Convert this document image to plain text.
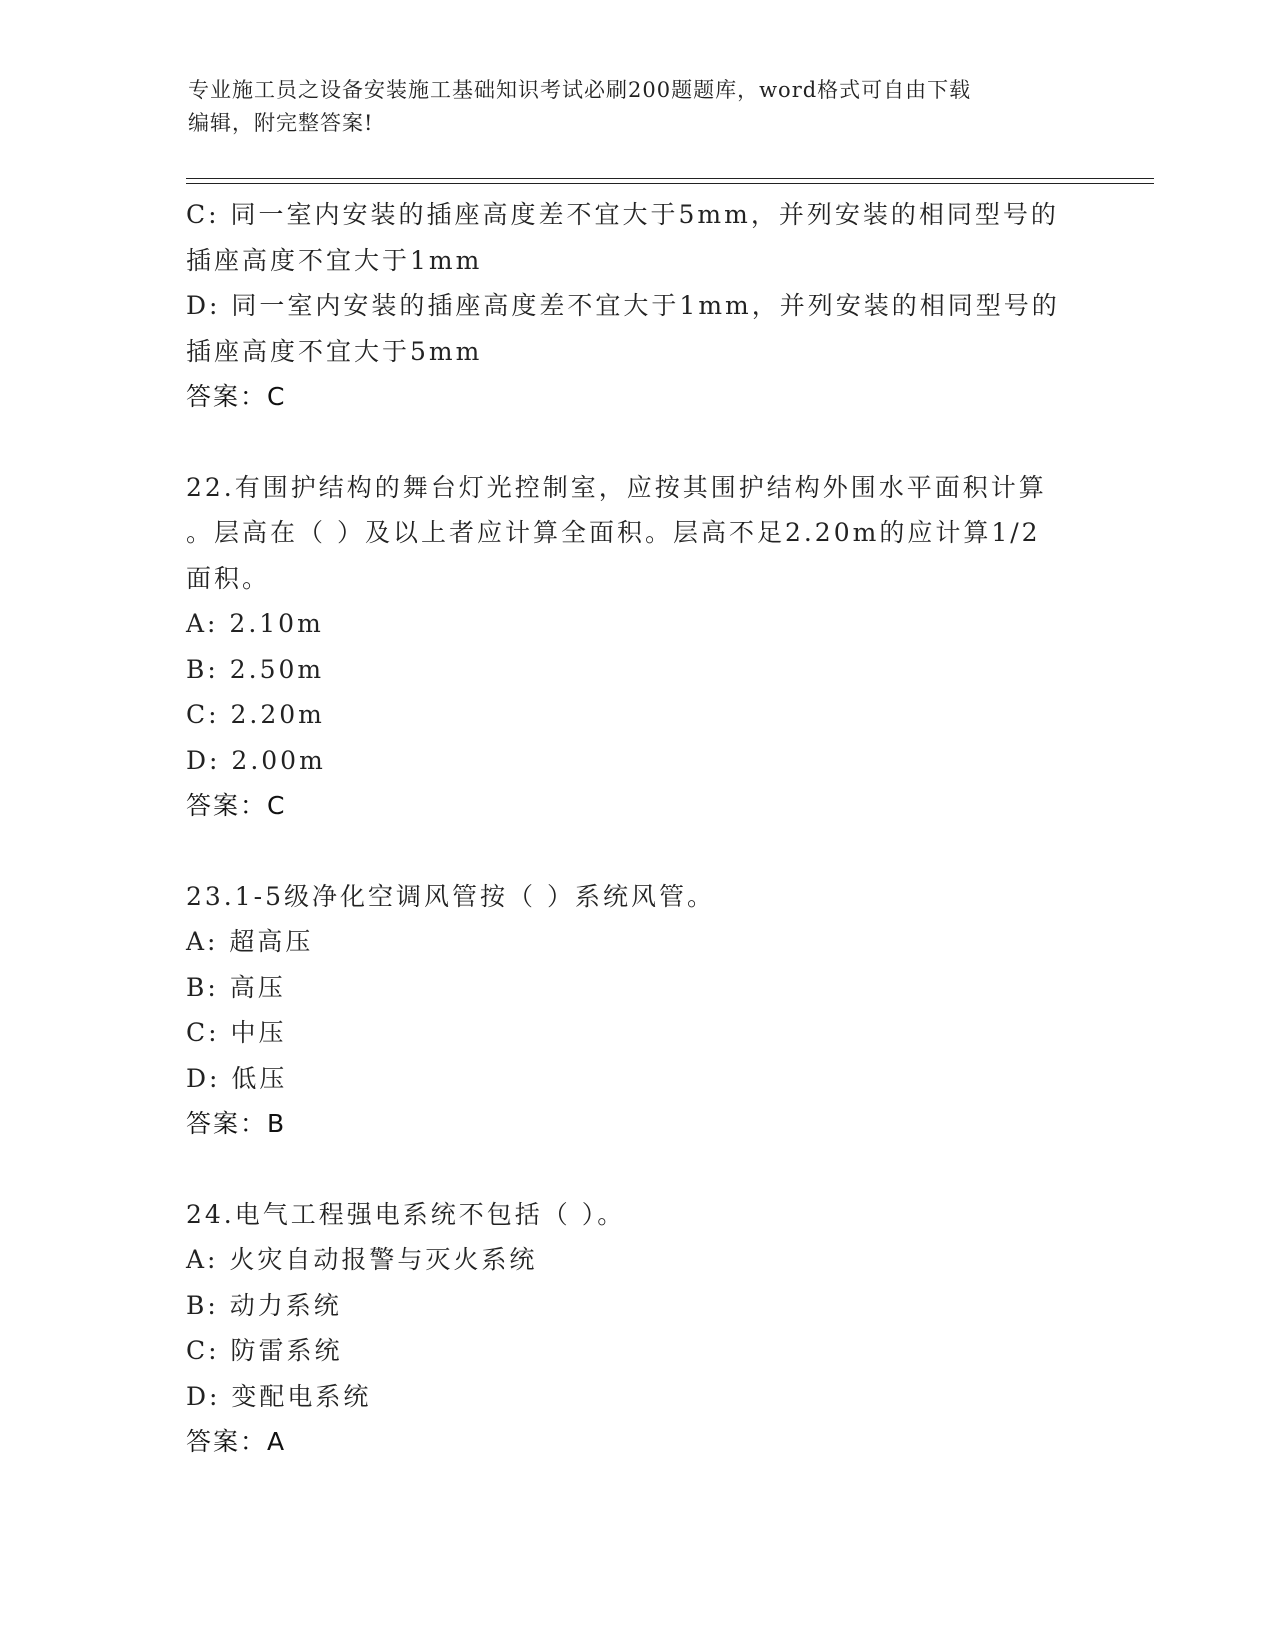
专业施工员之设备安装施工基础知识考试必刷200题题库，word格式可自由下载
编辑，附完整答案!
C: 同一室内安装的插座高度差不宜大于5mm，并列安装的相同型号的
插座高度不宜大于1mm
D: 同一室内安装的插座高度差不宜大于1mm，并列安装的相同型号的
插座高度不宜大于5mm
答案：C
22.有围护结构的舞台灯光控制室，应按其围护结构外围水平面积计算
。层高在（ ）及以上者应计算全面积。层高不足2.20m的应计算1/2
面积。
A: 2.10m
B: 2.50m
C: 2.20m
D: 2.00m
答案：C
23.1-5级净化空调风管按（ ）系统风管。
A: 超高压
B: 高压
C: 中压
D: 低压
答案：B
24.电气工程强电系统不包括（ ）。
A: 火灾自动报警与灭火系统
B: 动力系统
C: 防雷系统
D: 变配电系统
答案：A
